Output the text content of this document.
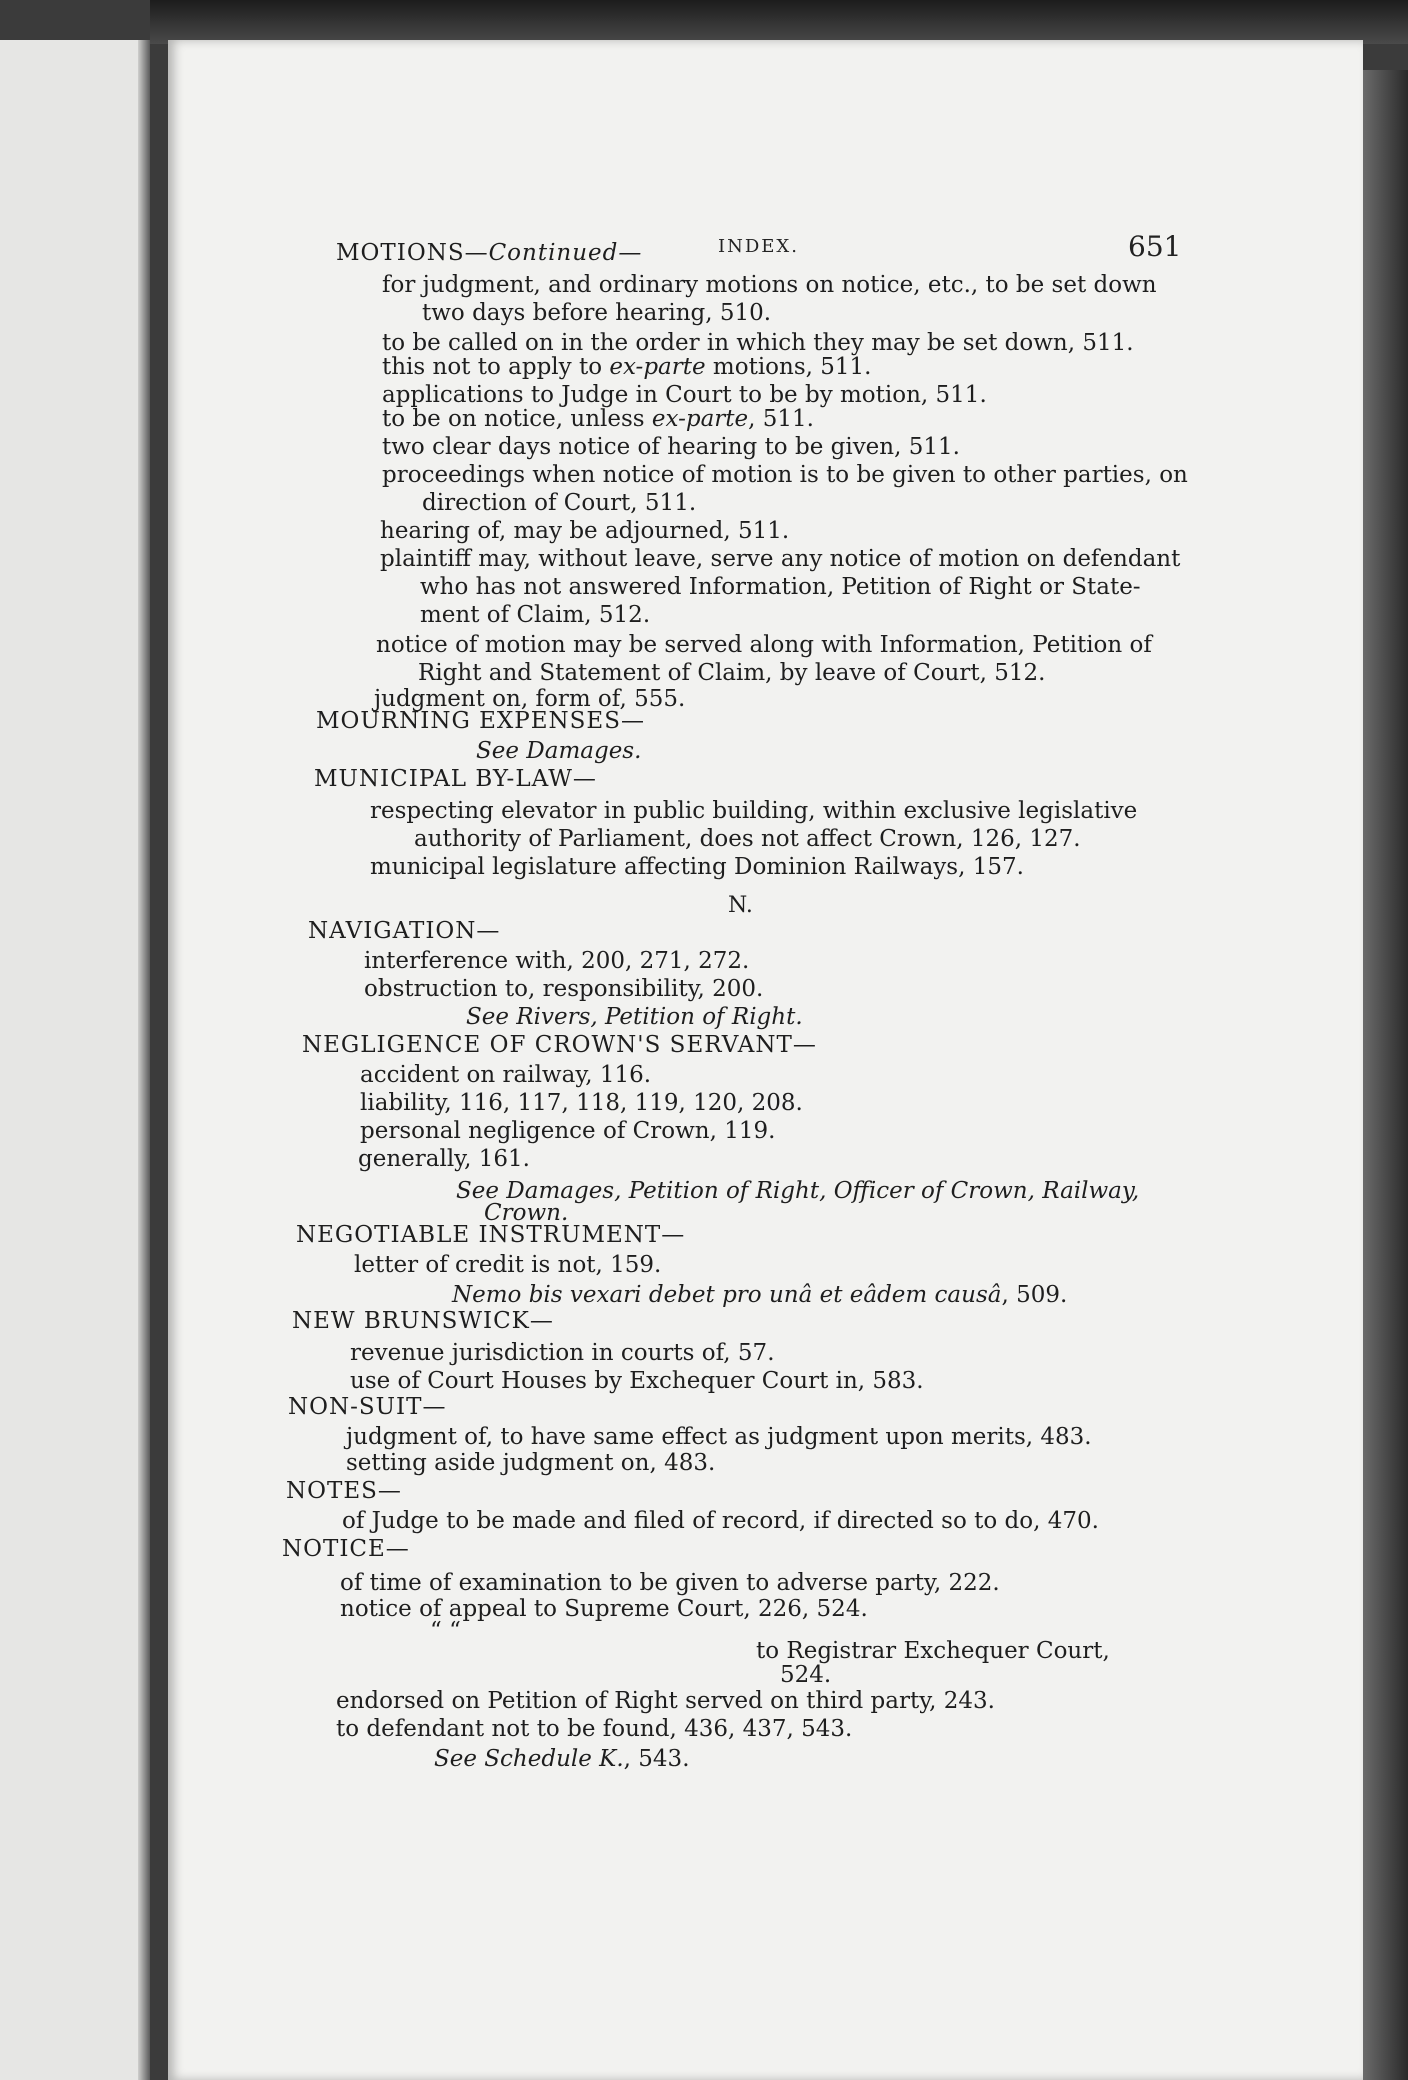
INDEX.	651
MOTIONS—Continued—
for judgment, and ordinary motions on notice, etc., to be set down
two days before hearing, 510.
to be called on in the order in which they may be set down, 511.
this not to apply to ex-parte motions, 511.
applications to Judge in Court to be by motion, 511.
to be on notice, unless ex-parte, 511.
two clear days notice of hearing to be given, 511.
proceedings when notice of motion is to be given to other parties, on
direction of Court, 511.
hearing of, may be adjourned, 511.
plaintiff may, without leave, serve any notice of motion on defendant
who has not answered Information, Petition of Right or State-
ment of Claim, 512.
notice of motion may be served along with Information, Petition of
Right and Statement of Claim, by leave of Court, 512.
judgment on, form of, 555.
MOURNING EXPENSES—
See Damages.
MUNICIPAL BY-LAW—
respecting elevator in public building, within exclusive legislative
authority of Parliament, does not affect Crown, 126, 127.
municipal legislature affecting Dominion Railways, 157.
N.
NAVIGATION—
interference with, 200, 271, 272.
obstruction to, responsibility, 200.
See Rivers, Petition of Right.
NEGLIGENCE OF CROWN'S SERVANT—
accident on railway, 116.
liability, 116, 117, 118, 119, 120, 208.
personal negligence of Crown, 119.
generally, 161.
See Damages, Petition of Right, Officer of Crown, Railway,
Crown.
NEGOTIABLE INSTRUMENT—
letter of credit is not, 159.
Nemo bis vexari debet pro unâ et eâdem causâ, 509.
NEW BRUNSWICK—
revenue jurisdiction in courts of, 57.
use of Court Houses by Exchequer Court in, 583.
NON-SUIT—
judgment of, to have same effect as judgment upon merits, 483.
setting aside judgment on, 483.
NOTES—
of Judge to be made and filed of record, if directed so to do, 470.
NOTICE—
of time of examination to be given to adverse party, 222.
notice of appeal to Supreme Court, 226, 524.
“ “
to Registrar Exchequer Court,
524.
endorsed on Petition of Right served on third party, 243.
to defendant not to be found, 436, 437, 543.
See Schedule K., 543.
